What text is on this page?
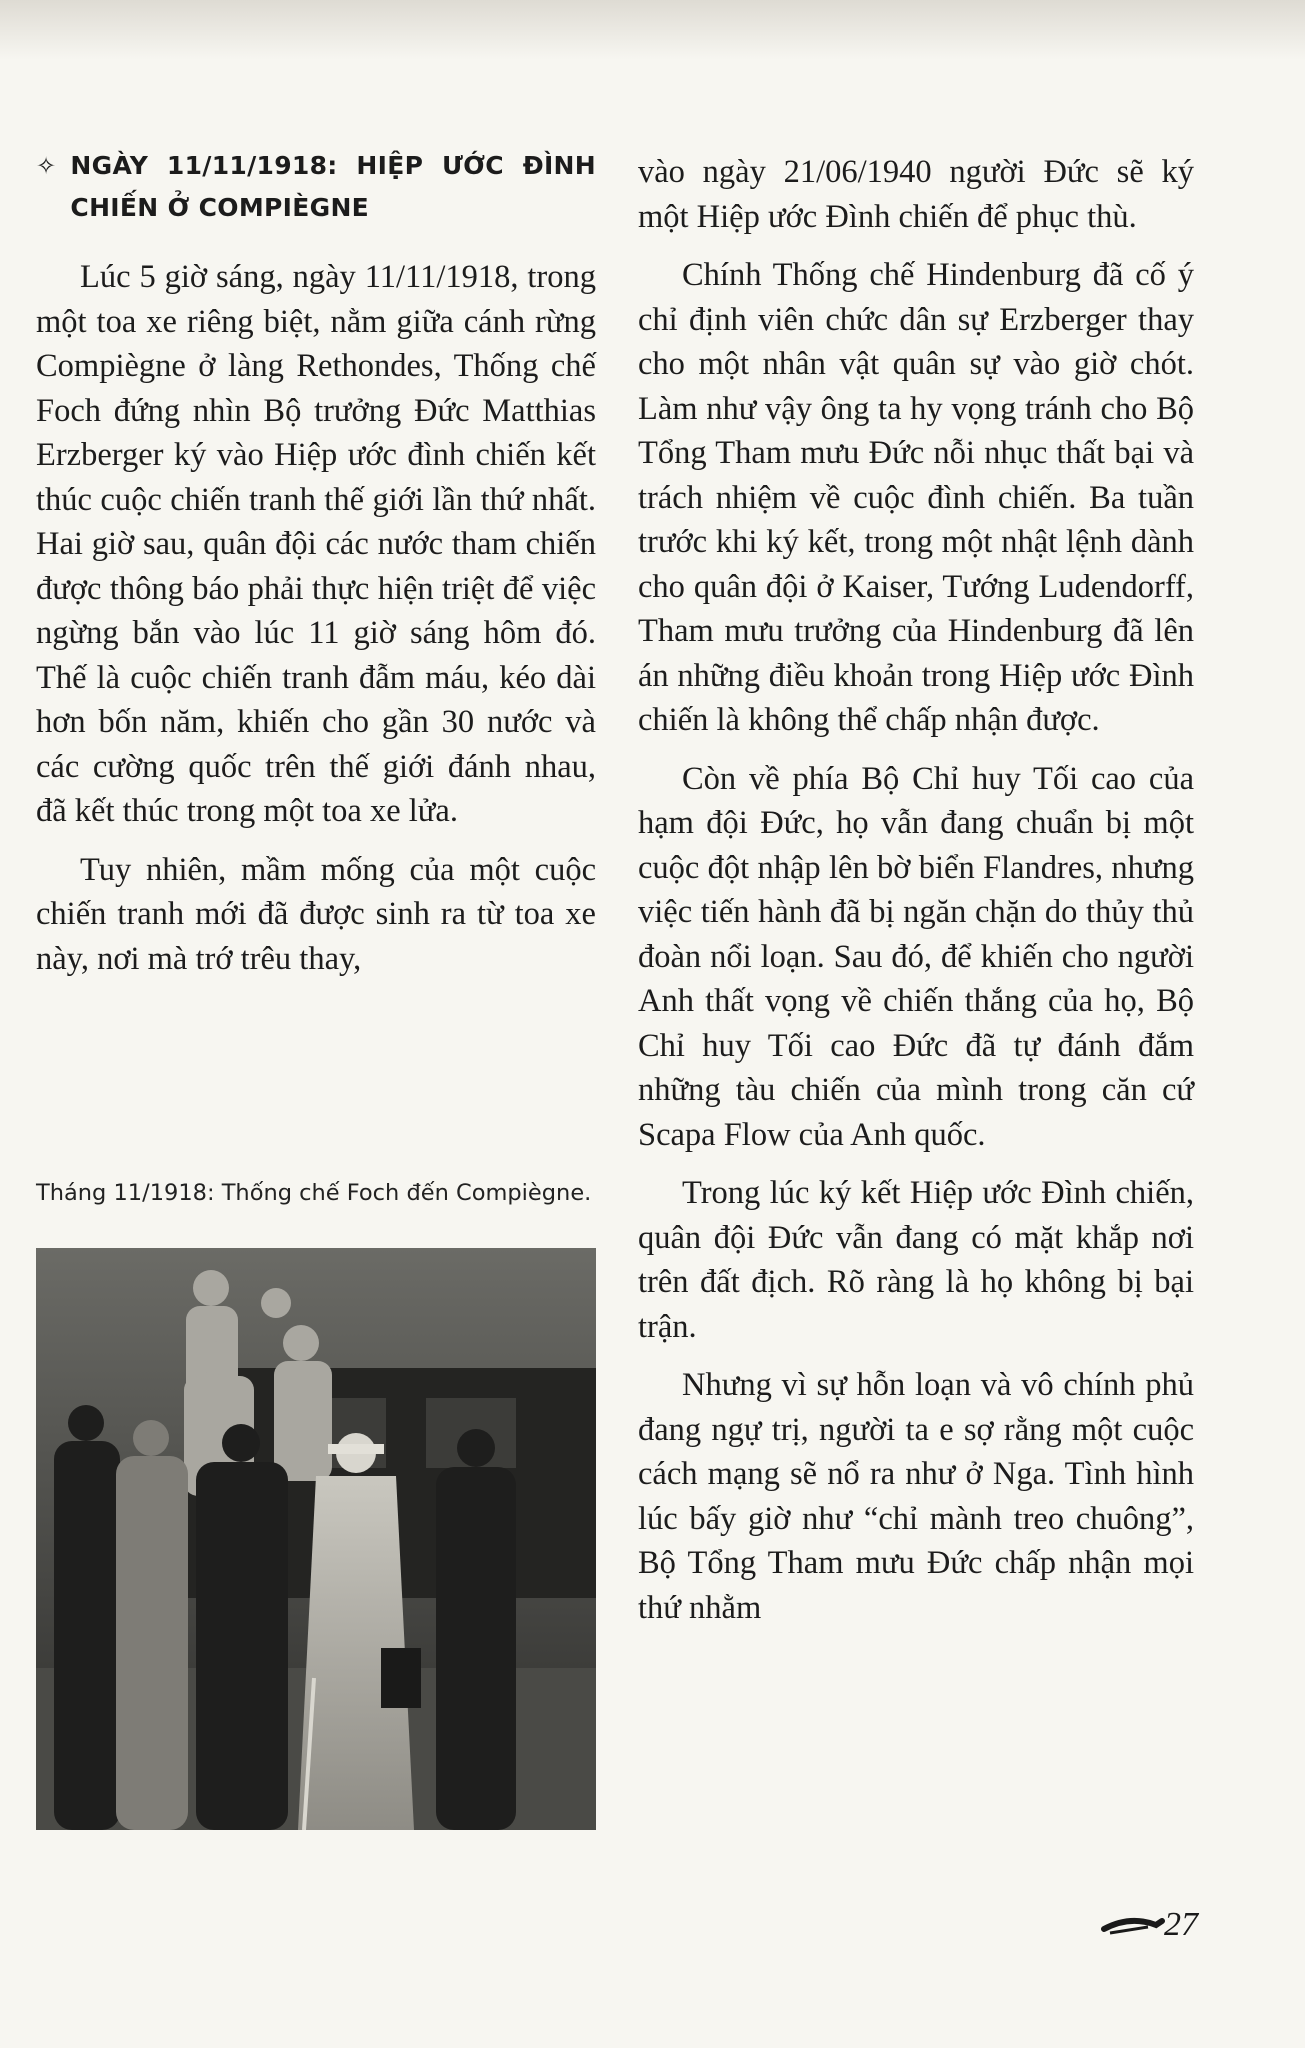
✧ NGÀY 11/11/1918: HIỆP ƯỚC ĐÌNH CHIẾN Ở COMPIÈGNE

Lúc 5 giờ sáng, ngày 11/11/1918, trong một toa xe riêng biệt, nằm giữa cánh rừng Compiègne ở làng Rethondes, Thống chế Foch đứng nhìn Bộ trưởng Đức Matthias Erzberger ký vào Hiệp ước đình chiến kết thúc cuộc chiến tranh thế giới lần thứ nhất. Hai giờ sau, quân đội các nước tham chiến được thông báo phải thực hiện triệt để việc ngừng bắn vào lúc 11 giờ sáng hôm đó. Thế là cuộc chiến tranh đẫm máu, kéo dài hơn bốn năm, khiến cho gần 30 nước và các cường quốc trên thế giới đánh nhau, đã kết thúc trong một toa xe lửa.

Tuy nhiên, mầm mống của một cuộc chiến tranh mới đã được sinh ra từ toa xe này, nơi mà trớ trêu thay,

Tháng 11/1918: Thống chế Foch đến Compiègne.

vào ngày 21/06/1940 người Đức sẽ ký một Hiệp ước Đình chiến để phục thù.

Chính Thống chế Hindenburg đã cố ý chỉ định viên chức dân sự Erzberger thay cho một nhân vật quân sự vào giờ chót. Làm như vậy ông ta hy vọng tránh cho Bộ Tổng Tham mưu Đức nỗi nhục thất bại và trách nhiệm về cuộc đình chiến. Ba tuần trước khi ký kết, trong một nhật lệnh dành cho quân đội ở Kaiser, Tướng Ludendorff, Tham mưu trưởng của Hindenburg đã lên án những điều khoản trong Hiệp ước Đình chiến là không thể chấp nhận được.

Còn về phía Bộ Chỉ huy Tối cao của hạm đội Đức, họ vẫn đang chuẩn bị một cuộc đột nhập lên bờ biển Flandres, nhưng việc tiến hành đã bị ngăn chặn do thủy thủ đoàn nổi loạn. Sau đó, để khiến cho người Anh thất vọng về chiến thắng của họ, Bộ Chỉ huy Tối cao Đức đã tự đánh đắm những tàu chiến của mình trong căn cứ Scapa Flow của Anh quốc.

Trong lúc ký kết Hiệp ước Đình chiến, quân đội Đức vẫn đang có mặt khắp nơi trên đất địch. Rõ ràng là họ không bị bại trận.

Nhưng vì sự hỗn loạn và vô chính phủ đang ngự trị, người ta e sợ rằng một cuộc cách mạng sẽ nổ ra như ở Nga. Tình hình lúc bấy giờ như “chỉ mành treo chuông”, Bộ Tổng Tham mưu Đức chấp nhận mọi thứ nhằm

27
